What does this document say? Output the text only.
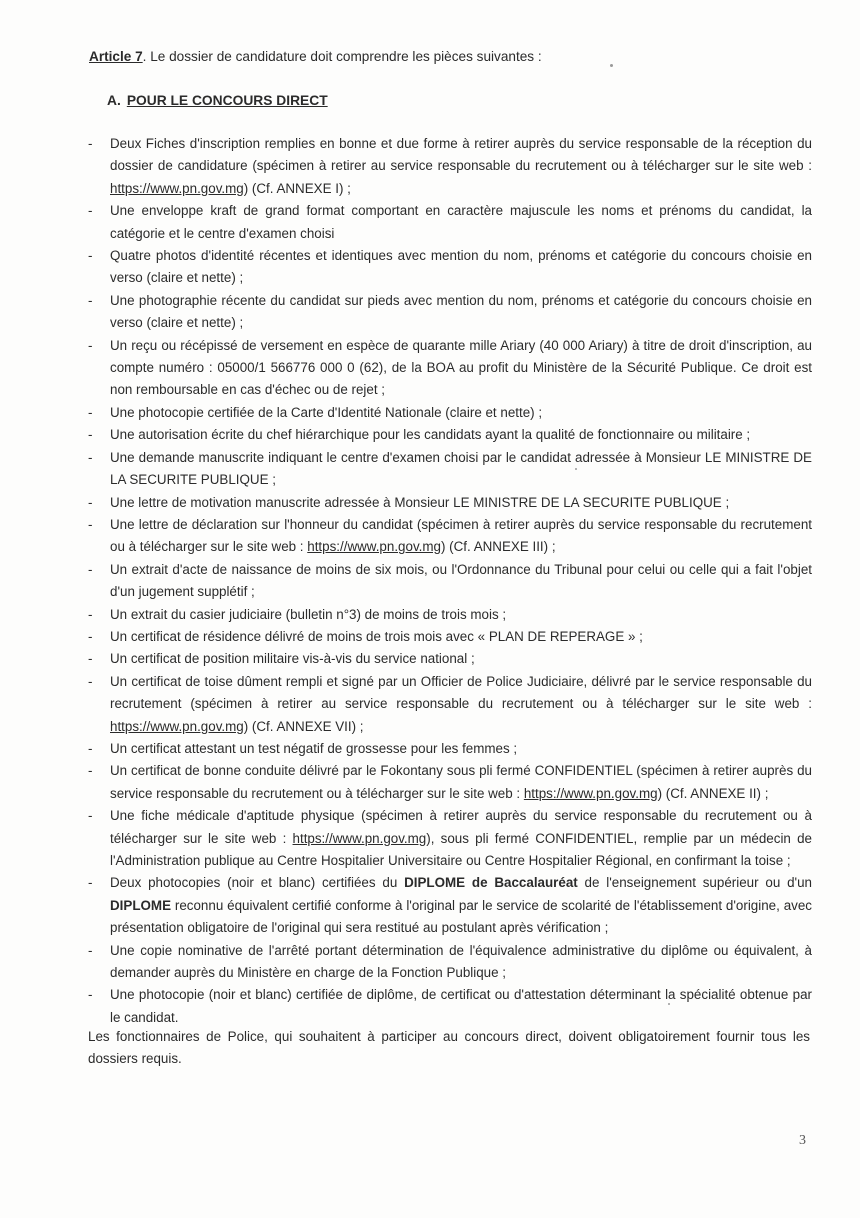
Article 7. Le dossier de candidature doit comprendre les pièces suivantes :
A. POUR LE CONCOURS DIRECT
- Deux Fiches d'inscription remplies en bonne et due forme à retirer auprès du service responsable de la réception du dossier de candidature (spécimen à retirer au service responsable du recrutement ou à télécharger sur le site web : https://www.pn.gov.mg) (Cf. ANNEXE I) ;
- Une enveloppe kraft de grand format comportant en caractère majuscule les noms et prénoms du candidat, la catégorie et le centre d'examen choisi
- Quatre photos d'identité récentes et identiques avec mention du nom, prénoms et catégorie du concours choisie en verso (claire et nette) ;
- Une photographie récente du candidat sur pieds avec mention du nom, prénoms et catégorie du concours choisie en verso (claire et nette) ;
- Un reçu ou récépissé de versement en espèce de quarante mille Ariary (40 000 Ariary) à titre de droit d'inscription, au compte numéro : 05000/1 566776 000 0 (62), de la BOA au profit du Ministère de la Sécurité Publique. Ce droit est non remboursable en cas d'échec ou de rejet ;
- Une photocopie certifiée de la Carte d'Identité Nationale (claire et nette) ;
- Une autorisation écrite du chef hiérarchique pour les candidats ayant la qualité de fonctionnaire ou militaire ;
- Une demande manuscrite indiquant le centre d'examen choisi par le candidat adressée à Monsieur LE MINISTRE DE LA SECURITE PUBLIQUE ;
- Une lettre de motivation manuscrite adressée à Monsieur LE MINISTRE DE LA SECURITE PUBLIQUE ;
- Une lettre de déclaration sur l'honneur du candidat (spécimen à retirer auprès du service responsable du recrutement ou à télécharger sur le site web : https://www.pn.gov.mg) (Cf. ANNEXE III) ;
- Un extrait d'acte de naissance de moins de six mois, ou l'Ordonnance du Tribunal pour celui ou celle qui a fait l'objet d'un jugement supplétif ;
- Un extrait du casier judiciaire (bulletin n°3) de moins de trois mois ;
- Un certificat de résidence délivré de moins de trois mois avec « PLAN DE REPERAGE » ;
- Un certificat de position militaire vis-à-vis du service national ;
- Un certificat de toise dûment rempli et signé par un Officier de Police Judiciaire, délivré par le service responsable du recrutement (spécimen à retirer au service responsable du recrutement ou à télécharger sur le site web : https://www.pn.gov.mg) (Cf. ANNEXE VII) ;
- Un certificat attestant un test négatif de grossesse pour les femmes ;
- Un certificat de bonne conduite délivré par le Fokontany sous pli fermé CONFIDENTIEL (spécimen à retirer auprès du service responsable du recrutement ou à télécharger sur le site web : https://www.pn.gov.mg) (Cf. ANNEXE II) ;
- Une fiche médicale d'aptitude physique (spécimen à retirer auprès du service responsable du recrutement ou à télécharger sur le site web : https://www.pn.gov.mg), sous pli fermé CONFIDENTIEL, remplie par un médecin de l'Administration publique au Centre Hospitalier Universitaire ou Centre Hospitalier Régional, en confirmant la toise ;
- Deux photocopies (noir et blanc) certifiées du DIPLOME de Baccalauréat de l'enseignement supérieur ou d'un DIPLOME reconnu équivalent certifié conforme à l'original par le service de scolarité de l'établissement d'origine, avec présentation obligatoire de l'original qui sera restitué au postulant après vérification ;
- Une copie nominative de l'arrêté portant détermination de l'équivalence administrative du diplôme ou équivalent, à demander auprès du Ministère en charge de la Fonction Publique ;
- Une photocopie (noir et blanc) certifiée de diplôme, de certificat ou d'attestation déterminant la spécialité obtenue par le candidat.

Les fonctionnaires de Police, qui souhaitent à participer au concours direct, doivent obligatoirement fournir tous les dossiers requis.

3
